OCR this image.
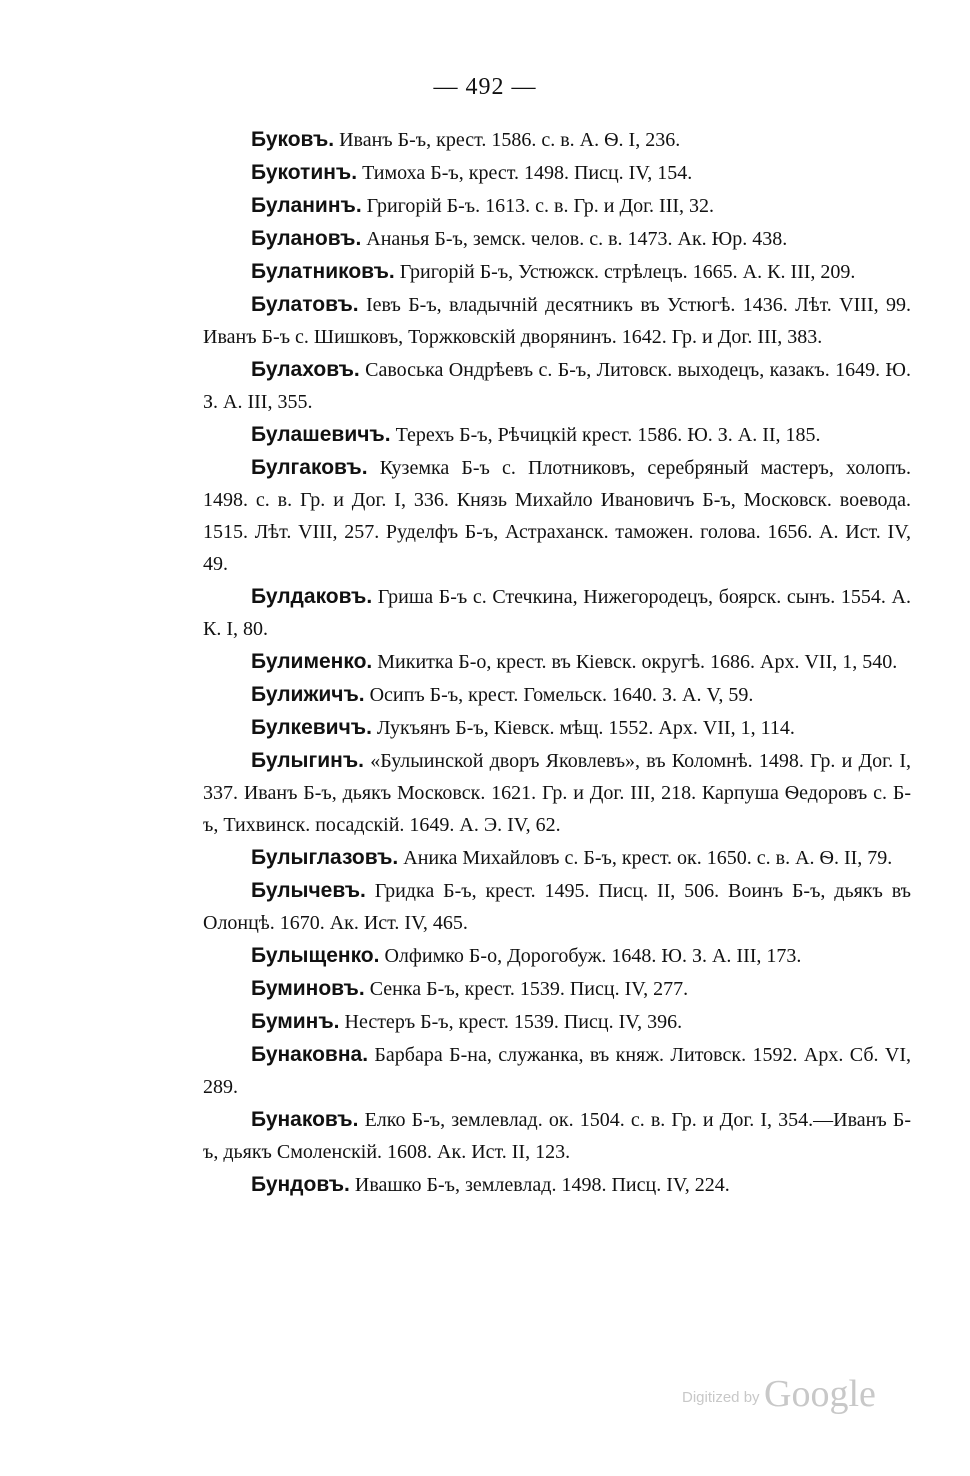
— 492 —

Буковъ. Иванъ Б-ъ, крест. 1586. с. в. А. Ѳ. I, 236.

Букотинъ. Тимоха Б-ъ, крест. 1498. Писц. IV, 154.

Буланинъ. Григорій Б-ъ. 1613. с. в. Гр. и Дог. III, 32.

Булановъ. Ананья Б-ъ, земск. челов. с. в. 1473. Ак. Юр. 438.

Булатниковъ. Григорій Б-ъ, Устюжск. стрѣлецъ. 1665. А. К. III, 209.

Булатовъ. Іевъ Б-ъ, владычній десятникъ въ Устюгѣ. 1436. Лѣт. VIII, 99. Иванъ Б-ъ с. Шишковъ, Торжковскій дворянинъ. 1642. Гр. и Дог. III, 383.

Булаховъ. Савоська Ондрѣевъ с. Б-ъ, Литовск. выходецъ, казакъ. 1649. Ю. З. А. III, 355.

Булашевичъ. Терехъ Б-ъ, Рѣчицкій крест. 1586. Ю. З. А. II, 185.

Булгаковъ. Куземка Б-ъ с. Плотниковъ, серебряный мастеръ, холопъ. 1498. с. в. Гр. и Дог. I, 336. Князь Михайло Ивановичъ Б-ъ, Московск. воевода. 1515. Лѣт. VIII, 257. Руделфъ Б-ъ, Астраханск. таможен. голова. 1656. А. Ист. IV, 49.

Булдаковъ. Гриша Б-ъ с. Стечкина, Нижегородецъ, боярск. сынъ. 1554. А. К. I, 80.

Булименко. Микитка Б-о, крест. въ Кіевск. округѣ. 1686. Арх. VII, 1, 540.

Булижичъ. Осипъ Б-ъ, крест. Гомельск. 1640. З. А. V, 59.

Булкевичъ. Лукъянъ Б-ъ, Кіевск. мѣщ. 1552. Арх. VII, 1, 114.

Булыгинъ. «Булыинской дворъ Яковлевъ», въ Коломнѣ. 1498. Гр. и Дог. I, 337. Иванъ Б-ъ, дьякъ Московск. 1621. Гр. и Дог. III, 218. Карпуша Ѳедоровъ с. Б-ъ, Тихвинск. посадскій. 1649. А. Э. IV, 62.

Булыглазовъ. Аника Михайловъ с. Б-ъ, крест. ок. 1650. с. в. А. Ѳ. II, 79.

Булычевъ. Гридка Б-ъ, крест. 1495. Писц. II, 506. Воинъ Б-ъ, дьякъ въ Олонцѣ. 1670. Ак. Ист. IV, 465.

Булыщенко. Олфимко Б-о, Дорогобуж. 1648. Ю. З. А. III, 173.

Буминовъ. Сенка Б-ъ, крест. 1539. Писц. IV, 277.

Буминъ. Нестеръ Б-ъ, крест. 1539. Писц. IV, 396.

Бунаковна. Барбара Б-на, служанка, въ княж. Литовск. 1592. Арх. Сб. VI, 289.

Бунаковъ. Елко Б-ъ, землевлад. ок. 1504. с. в. Гр. и Дог. I, 354.—Иванъ Б-ъ, дьякъ Смоленскій. 1608. Ак. Ист. II, 123.

Бундовъ. Ивашко Б-ъ, землевлад. 1498. Писц. IV, 224.

Digitized by Google
